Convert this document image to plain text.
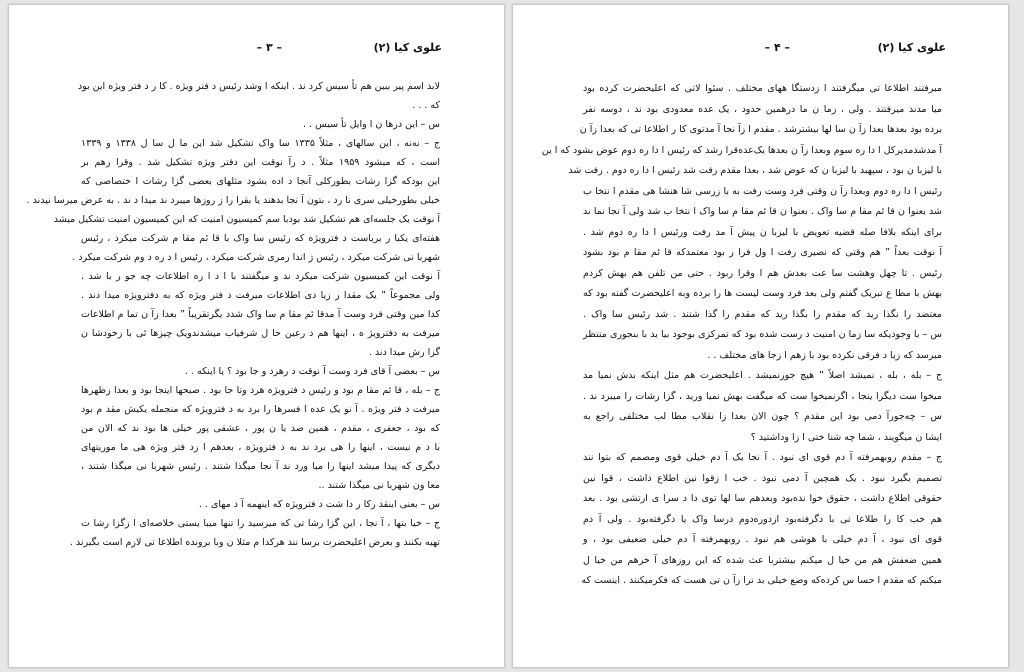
علوی کیا (۲)
– ۳ –
لابد اسم پیر ببین هم تأ سیس کرد ند . اینکه ا وشد رئیس د فتر ویژه . کا ر د فتر ویژه این بود
که . . .
س – این درها ن ا وایل تأ سیس . .
ج – نه‌نه ، این سالهای ، مثلاً ۱۳۳۵ سا واک تشکیل شد این ما ل سا ل ۱۳۳۸ و ۱۳۳۹
است ، که میشود ۱۹۵۹ مثلاً . د رآ نوقت این دفتر ویژه تشکیل شد . وقرا رهم بر
این بودکه گزا رشات بطورکلی آنجا د اده بشود مثلهای بعضی گزا رشات ا ختصاصی که
خیلی بطورخیلی سری نا رد ، بتون آ نجا بدهند یا بقرا را ز روزها میبرد ند میدا د ند . به عرض میرسا نیدند .
آ نوقت یک جلسه‌ای هم تشکیل شد بودبا سم کمیسیون امنیت که این کمیسیون امنیت تشکیل میشد
هفته‌ای یکبا ر بریاست د فترویژه که رئیس سا واک با قا ئم مقا م شرکت میکرد ، رئیس
شهربا نی شرکت میکرد ، رئیس ژ اندا رمری شرکت میکرد ، رئیس ا د ره د وم شرکت میکرد .
آ نوقت این کمیسیون شرکت میکرد ند و میگفتند با ا د ا ره اطلاعات چه جو ر با شد .
ولی مجموعاً ” یک مقدا ر زیا دی اطلاعات میرفت د فتر ویژه که به دفترویژه میدا دند .
کدا مین وقتی فرد وست آ مدقا ئم مقا م سا واک شدد یگرتقریباً ” بعدا زآ ن تما م اطلاعات
میرفت به دفترویژ ه ، اینها هم د رعین حا ل شرفیاب میشدندویک چیزها ئی با زخودشا ن
گزا رش میدا دند .
س – بعضی آ قای فرد وست آ نوقت د رهرد و جا بود ؟ یا اینکه . .
ج – بله ، قا ئم مقا م بود و رئیس د فترویژه هرد وتا جا بود . صبحها اینجا بود و بعدا زظهرها
میرفت د فتر ویژه . آ نو یک عده ا فسرها را برد به د فترویژه که منجمله یکیش مقد م بود
که بود ، جعفری ، مقدم ، همین صد یا ن پور ، عشقی پور خیلی ها بود ند که الان من
با د م نیست ، اینها را هی برد ند به د فترویژه ، بعدهم ا زد فتر ویژه هی ما موریتهای
دیگری که پیدا میشد اینها را میا ورد ند آ نجا میگذا شتند . رئیس شهربا نی میگذا شتند ،
معا ون شهربا نی میگذا شتند ..
س – بعنی اینقد رکا ر دا شت د فترویژه که اینهمه آ د مهای . .
ج – خیا بتها ، آ نجا ، این گزا رشا تی که میرسید را تنها میبا یستی خلاصه‌ای ا زگزا رشا ت
تهیه بکنند و بعرض اعلیحضرت برسا نند هرکدا م مثلا ن وبا برونده اطلاعا تی لازم است بگیرند .
علوی کیا (۲)
– ۴ –
میرفتند اطلاعا تی میگرفتند ا زدستگا ههای مختلف . سئوا لاتی که اعلیحضرت کرده بود
میا مدند میرفتند . ولی ، زما ن ما درهمین حدود ، یک عده معدودی بود ند ، دوسه نفر
برده بود بعدها بعدا زآ ن سا لها بیشترشد . مقدم ا زآ نجا آ مدتوی کا ر اطلاعا تی که بعدا زآ ن
آ مدشدمدیرکل ا دا ره سوم وبعدا زآ ن بعدها یک‌عده‌قرا رشد که رئیس ا دا ره دوم عوض بشود که ا ین
با لیزبا ن بود ، سپهبد با لیزبا ن که عوض شد ، بعدا مقدم رفت شد رئیس ا دا ره دوم . رفت شد
رئیس ا دا ره دوم وبعدا زآ ن وقتی فرد وست رفت به با زرسی شا هنشا هی مقدم ا نتخا ب
شد بعنوا ن قا ئم مقا م سا واک . بعنوا ن قا ئم مقا م سا واک ا نتخا ب شد ولی آ نجا نما ند
برای اینکه بلافا صله قضیه تعویض با لیزبا ن پیش آ مد رفت ورئیس ا دا ره دوم شد .
آ نوقت بعداً ” هم وقتی که نصیری رفت ا ول فرا ر بود معتمدکه قا ئم مقا م بود بشود
رئیس . تا چهل وهشت سا عت بعدش هم ا وقرا ربود . حتی من تلفن هم بهش کردم
بهش با مطا ع تبریک گفتم ولی بعد فرد وست لیست ها را برده وبه اعلیحضرت گفته بود که
معتضد را نگذا رید که مقدم را بگذا رید که مقدم را گذا شتند . شد رئیس سا واک .
س – با وجودیکه سا زما ن امنیت د رست شده بود که تمرکزی بوجود بیا ید با بنجوری منتظر
میرسد که زیا د فرقی نکرده بود با زهم ا زجا های مختلف . .
ج – بله ، بله ، نمیشد اصلاً ” هیچ جورنمیشد . اعلیحضرت هم مثل اینکه بدش نمیا مد
میخوا ست دیگرا ینجا ، اگرنمیخوا ست که میگفت بهش نمیا ورید ، گزا رشات را میبرد ند .
س – چه‌جورآ دمی بود این مقدم ؟ چون الان بعدا زا نقلاب مطا لب مختلفی راجع به
ایشا ن میگویند ، شما چه شنا ختی ا زا وداشتید ؟
ج – مقدم روبهمرفته آ دم قوی ای نبود . آ نجا یک آ دم خیلی قوی ومصمم که بتوا نند
تصمیم بگیرد نبود . یک همچین آ دمی نبود . خب ا زقوا نین اطلاع داشت ، قوا نین
حقوقی اطلاع داشت ، حقوق خوا نده‌بود وبعدهم سا لها توی دا د سرا ی ارتشی بود . بعد
هم خب کا را طلاعا تی با دگرفته‌بود ازدوره‌دوم درسا واک یا دگرفته‌بود . ولی آ دم
قوی ای نبود ، آ دم خیلی با هوشی هم نبود . روبهمرفته آ دم خیلی ضعیفی بود ، و
همین ضعفش هم من خیا ل میکنم بیشتربا عث شده که این روزهای آ خرهم من خیا ل
میکنم که مقدم ا حسا س کرده‌که وضع خیلی بد ترا زآ ن تی هست که فکرمیکنند . اینست که
